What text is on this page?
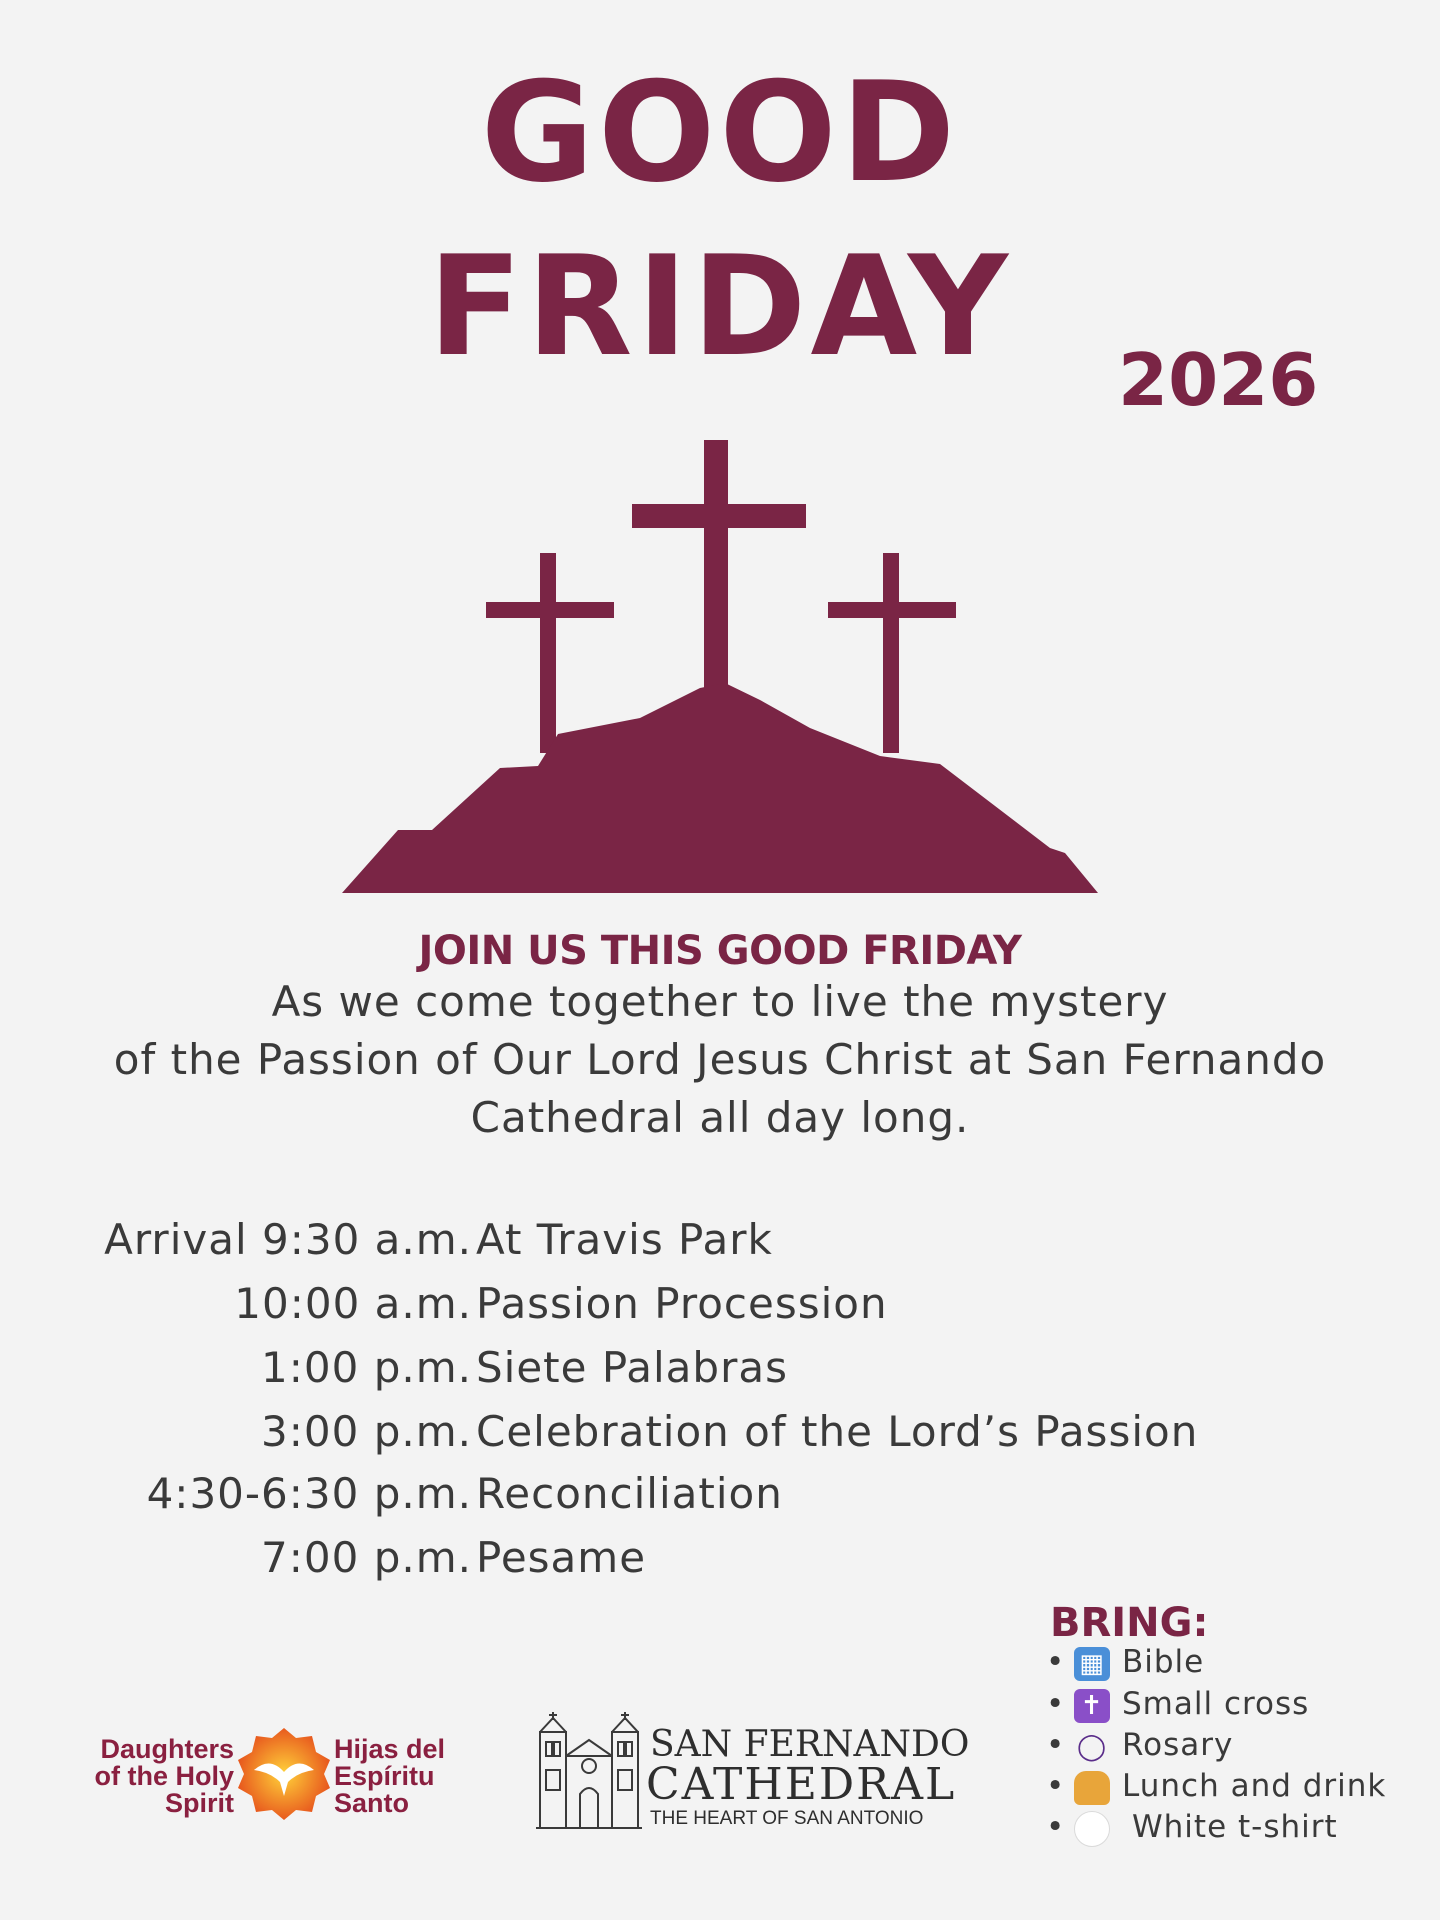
GOOD
FRIDAY	2026
JOIN US THIS GOOD FRIDAY
As we come together to live the mystery
of the Passion of Our Lord Jesus Christ at San Fernando
Cathedral all day long.
Arrival 9:30 a.m. At Travis Park
10:00 a.m. Passion Procession
1:00 p.m. Siete Palabras
3:00 p.m. Celebration of the Lord’s Passion
4:30-6:30 p.m. Reconciliation
7:00 p.m. Pesame
BRING:
• ▦ Bible
• ✝ Small cross
• ◯ Rosary
• Lunch and drink
• White t-shirt
Daughters
of the Holy
Spirit
Hijas del
Espíritu
Santo
SAN FERNANDO
CATHEDRAL
THE HEART OF SAN ANTONIO
